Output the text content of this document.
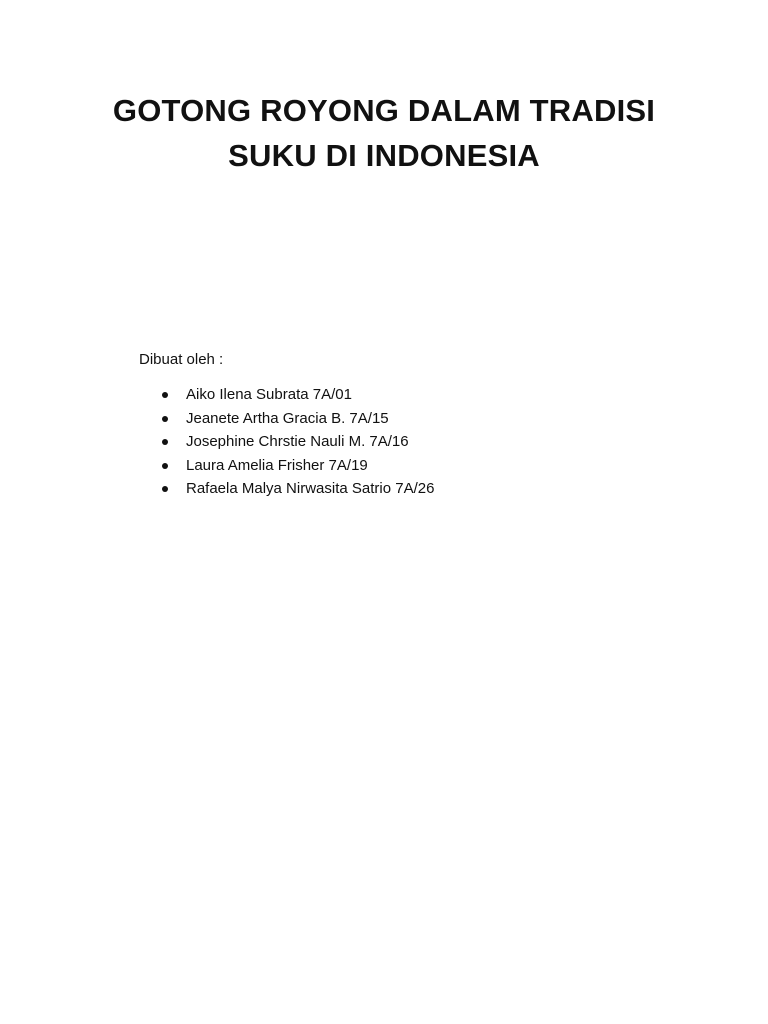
GOTONG ROYONG DALAM TRADISI
SUKU DI INDONESIA
Dibuat oleh :
Aiko Ilena Subrata 7A/01
Jeanete Artha Gracia B. 7A/15
Josephine Chrstie Nauli M. 7A/16
Laura Amelia Frisher 7A/19
Rafaela Malya Nirwasita Satrio 7A/26
